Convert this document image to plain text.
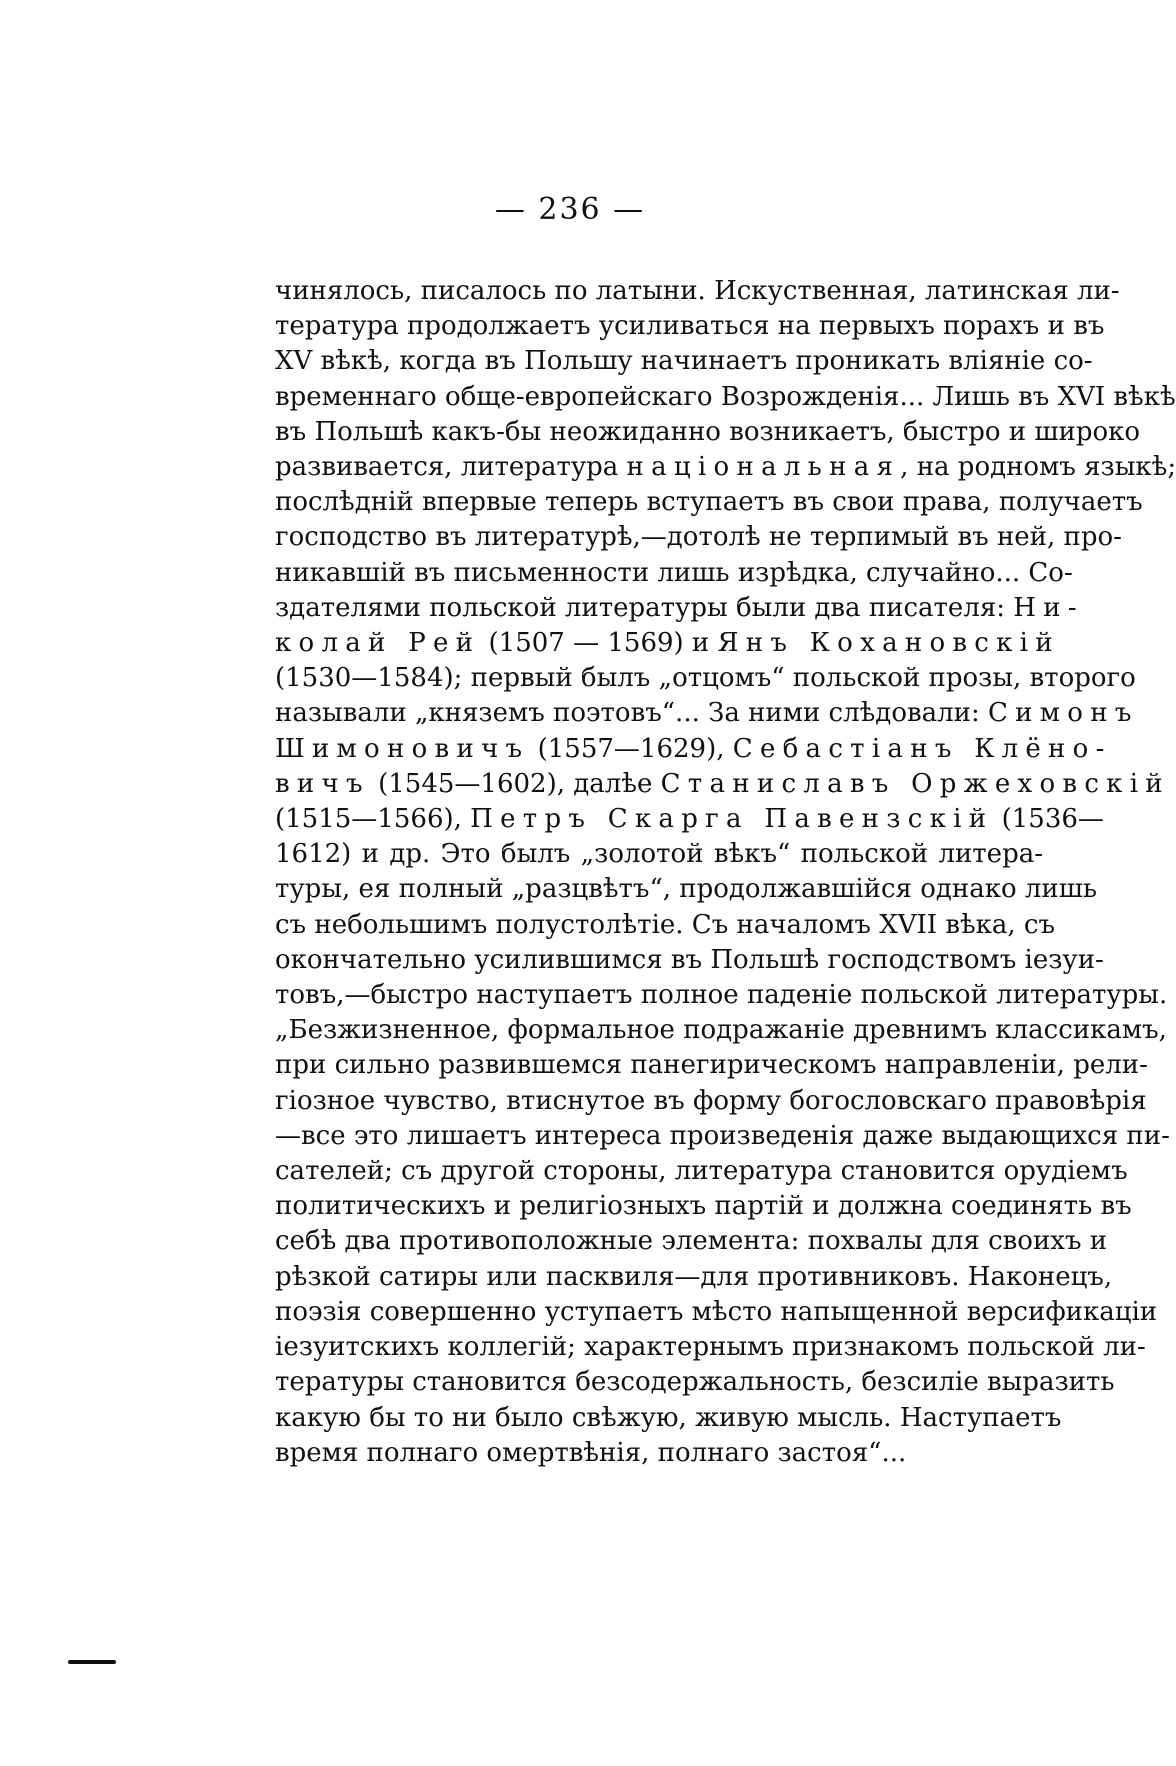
— 236 —
чинялось, писалось по латыни. Искуственная, латинская ли-
тература продолжаетъ усиливаться на первыхъ порахъ и въ
XV вѣкѣ, когда въ Польшу начинаетъ проникать вліяніе со-
временнаго обще-европейскаго Возрожденія... Лишь въ XVI вѣкѣ
въ Польшѣ какъ-бы неожиданно возникаетъ, быстро и широко
развивается, литература національная, на родномъ языкѣ;
послѣдній впервые теперь вступаетъ въ свои права, получаетъ
господство въ литературѣ,—дотолѣ не терпимый въ ней, про-
никавшій въ письменности лишь изрѣдка, случайно... Со-
здателями польской литературы были два писателя: Ни-
колай Рей (1507 — 1569) и Янъ Кохановскій
(1530—1584); первый былъ „отцомъ“ польской прозы, второго
называли „княземъ поэтовъ“... За ними слѣдовали: Симонъ
Шимоновичъ (1557—1629), Себастіанъ Клёно-
вичъ (1545—1602), далѣе Станиславъ Оржеховскій
(1515—1566), Петръ Скарга Павензскій (1536—
1612) и др. Это былъ „золотой вѣкъ“ польской литера-
туры, ея полный „разцвѣтъ“, продолжавшійся однако лишь
съ небольшимъ полустолѣтіе. Съ началомъ XVII вѣка, съ
окончательно усилившимся въ Польшѣ господствомъ іезуи-
товъ,—быстро наступаетъ полное паденіе польской литературы.
„Безжизненное, формальное подражаніе древнимъ классикамъ,
при сильно развившемся панегирическомъ направленіи, рели-
гіозное чувство, втиснутое въ форму богословскаго правовѣрія
—все это лишаетъ интереса произведенія даже выдающихся пи-
сателей; съ другой стороны, литература становится орудіемъ
политическихъ и религіозныхъ партій и должна соединять въ
себѣ два противоположные элемента: похвалы для своихъ и
рѣзкой сатиры или пасквиля—для противниковъ. Наконецъ,
поэзія совершенно уступаетъ мѣсто напыщенной версификаціи
іезуитскихъ коллегій; характернымъ признакомъ польской ли-
тературы становится безсодержальность, безсиліе выразить
какую бы то ни было свѣжую, живую мысль. Наступаетъ
время полнаго омертвѣнія, полнаго застоя“...
